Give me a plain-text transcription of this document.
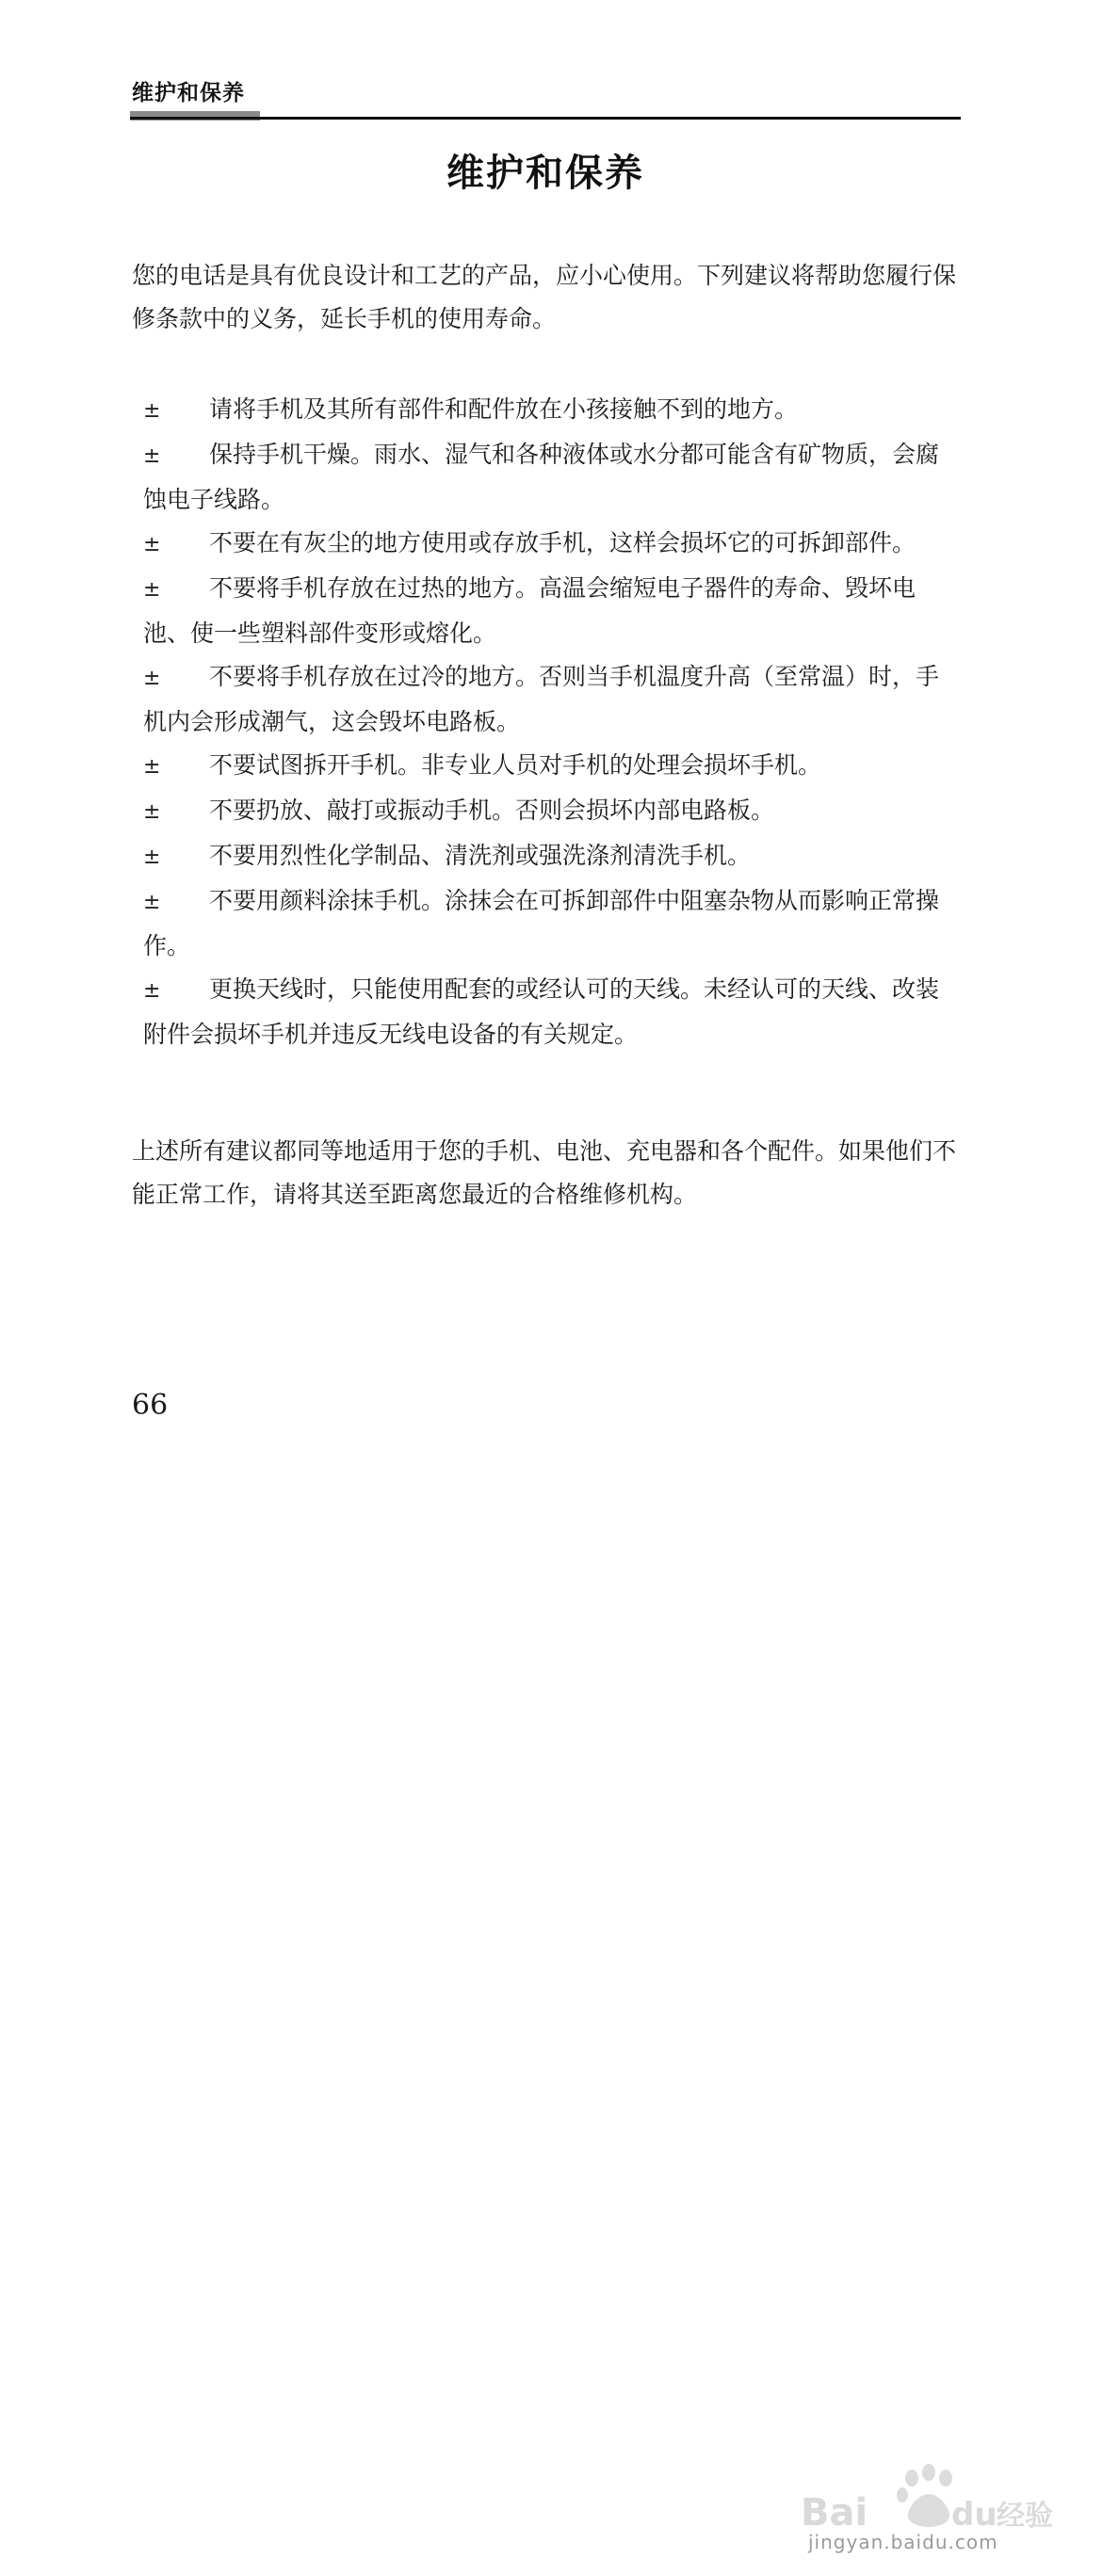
维护和保养
维护和保养

您的电话是具有优良设计和工艺的产品，应小心使用。下列建议将帮助您履行保修条款中的义务，延长手机的使用寿命。

± 请将手机及其所有部件和配件放在小孩接触不到的地方。
± 保持手机干燥。雨水、湿气和各种液体或水分都可能含有矿物质，会腐蚀电子线路。
± 不要在有灰尘的地方使用或存放手机，这样会损坏它的可拆卸部件。
± 不要将手机存放在过热的地方。高温会缩短电子器件的寿命、毁坏电池、使一些塑料部件变形或熔化。
± 不要将手机存放在过冷的地方。否则当手机温度升高（至常温）时，手机内会形成潮气，这会毁坏电路板。
± 不要试图拆开手机。非专业人员对手机的处理会损坏手机。
± 不要扔放、敲打或振动手机。否则会损坏内部电路板。
± 不要用烈性化学制品、清洗剂或强洗涤剂清洗手机。
± 不要用颜料涂抹手机。涂抹会在可拆卸部件中阻塞杂物从而影响正常操作。
± 更换天线时，只能使用配套的或经认可的天线。未经认可的天线、改装附件会损坏手机并违反无线电设备的有关规定。

上述所有建议都同等地适用于您的手机、电池、充电器和各个配件。如果他们不能正常工作，请将其送至距离您最近的合格维修机构。

66
Bai	du 经验
jingyan.baidu.com
